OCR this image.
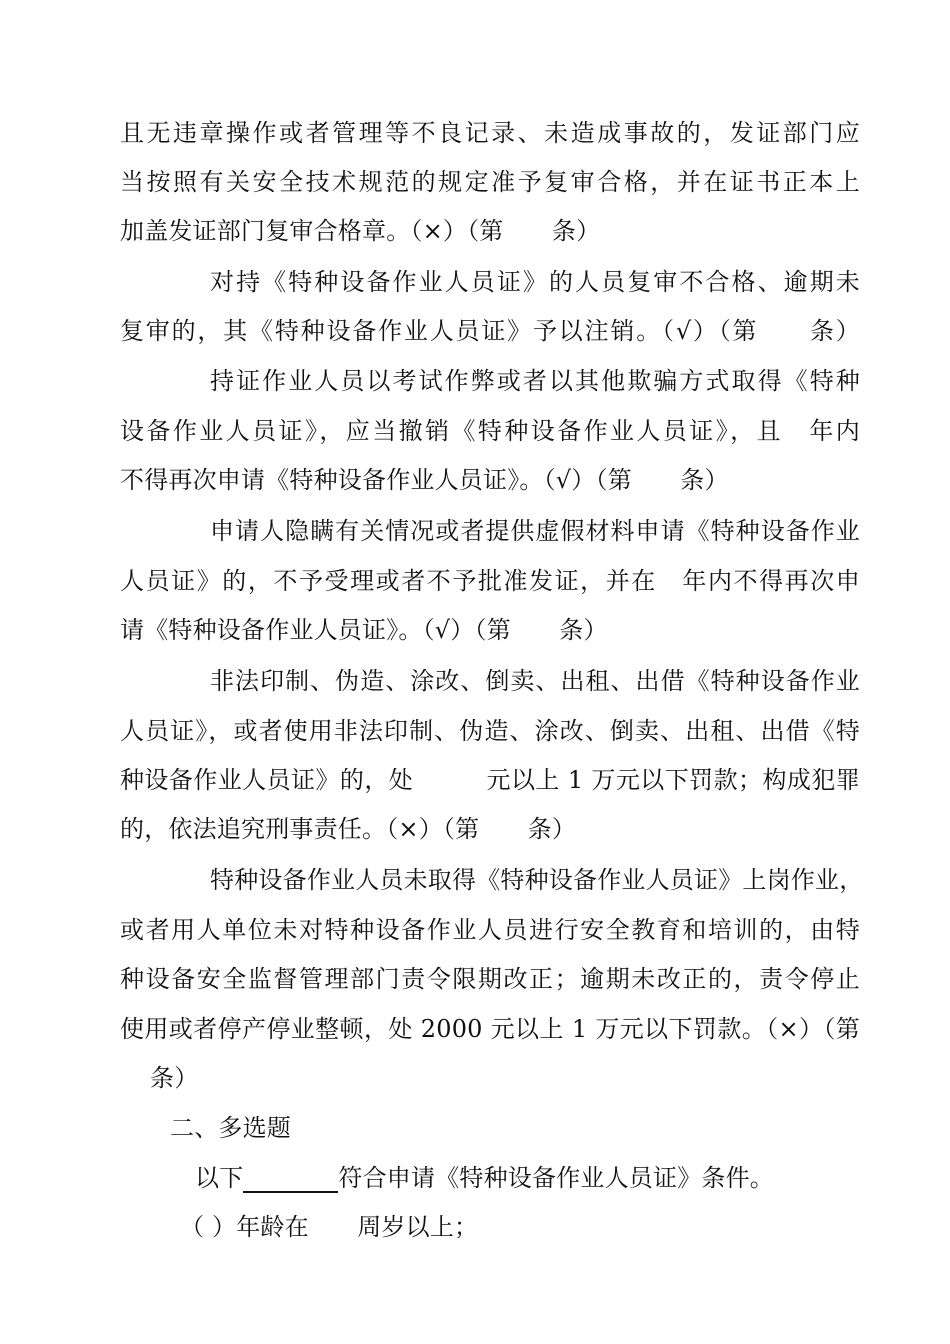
且无违章操作或者管理等不良记录、未造成事故的，发证部门应
当按照有关安全技术规范的规定准予复审合格，并在证书正本上
加盖发证部门复审合格章。（×）（第　　条）
对持《特种设备作业人员证》的人员复审不合格、逾期未
复审的，其《特种设备作业人员证》予以注销。（√）（第　　条）
持证作业人员以考试作弊或者以其他欺骗方式取得《特种
设备作业人员证》，应当撤销《特种设备作业人员证》，且　年内
不得再次申请《特种设备作业人员证》。（√）（第　　条）
申请人隐瞒有关情况或者提供虚假材料申请《特种设备作业
人员证》的，不予受理或者不予批准发证，并在　年内不得再次申
请《特种设备作业人员证》。（√）（第　　条）
非法印制、伪造、涂改、倒卖、出租、出借《特种设备作业
人员证》，或者使用非法印制、伪造、涂改、倒卖、出租、出借《特
种设备作业人员证》的，处　　　元以上 1 万元以下罚款；构成犯罪
的，依法追究刑事责任。（×）（第　　条）
特种设备作业人员未取得《特种设备作业人员证》上岗作业，
或者用人单位未对特种设备作业人员进行安全教育和培训的，由特
种设备安全监督管理部门责令限期改正；逾期未改正的，责令停止
使用或者停产停业整顿，处 2000 元以上 1 万元以下罚款。（×）（第
条）
二、多选题
以下	符合申请《特种设备作业人员证》条件。
（ ）年龄在　　周岁以上；
